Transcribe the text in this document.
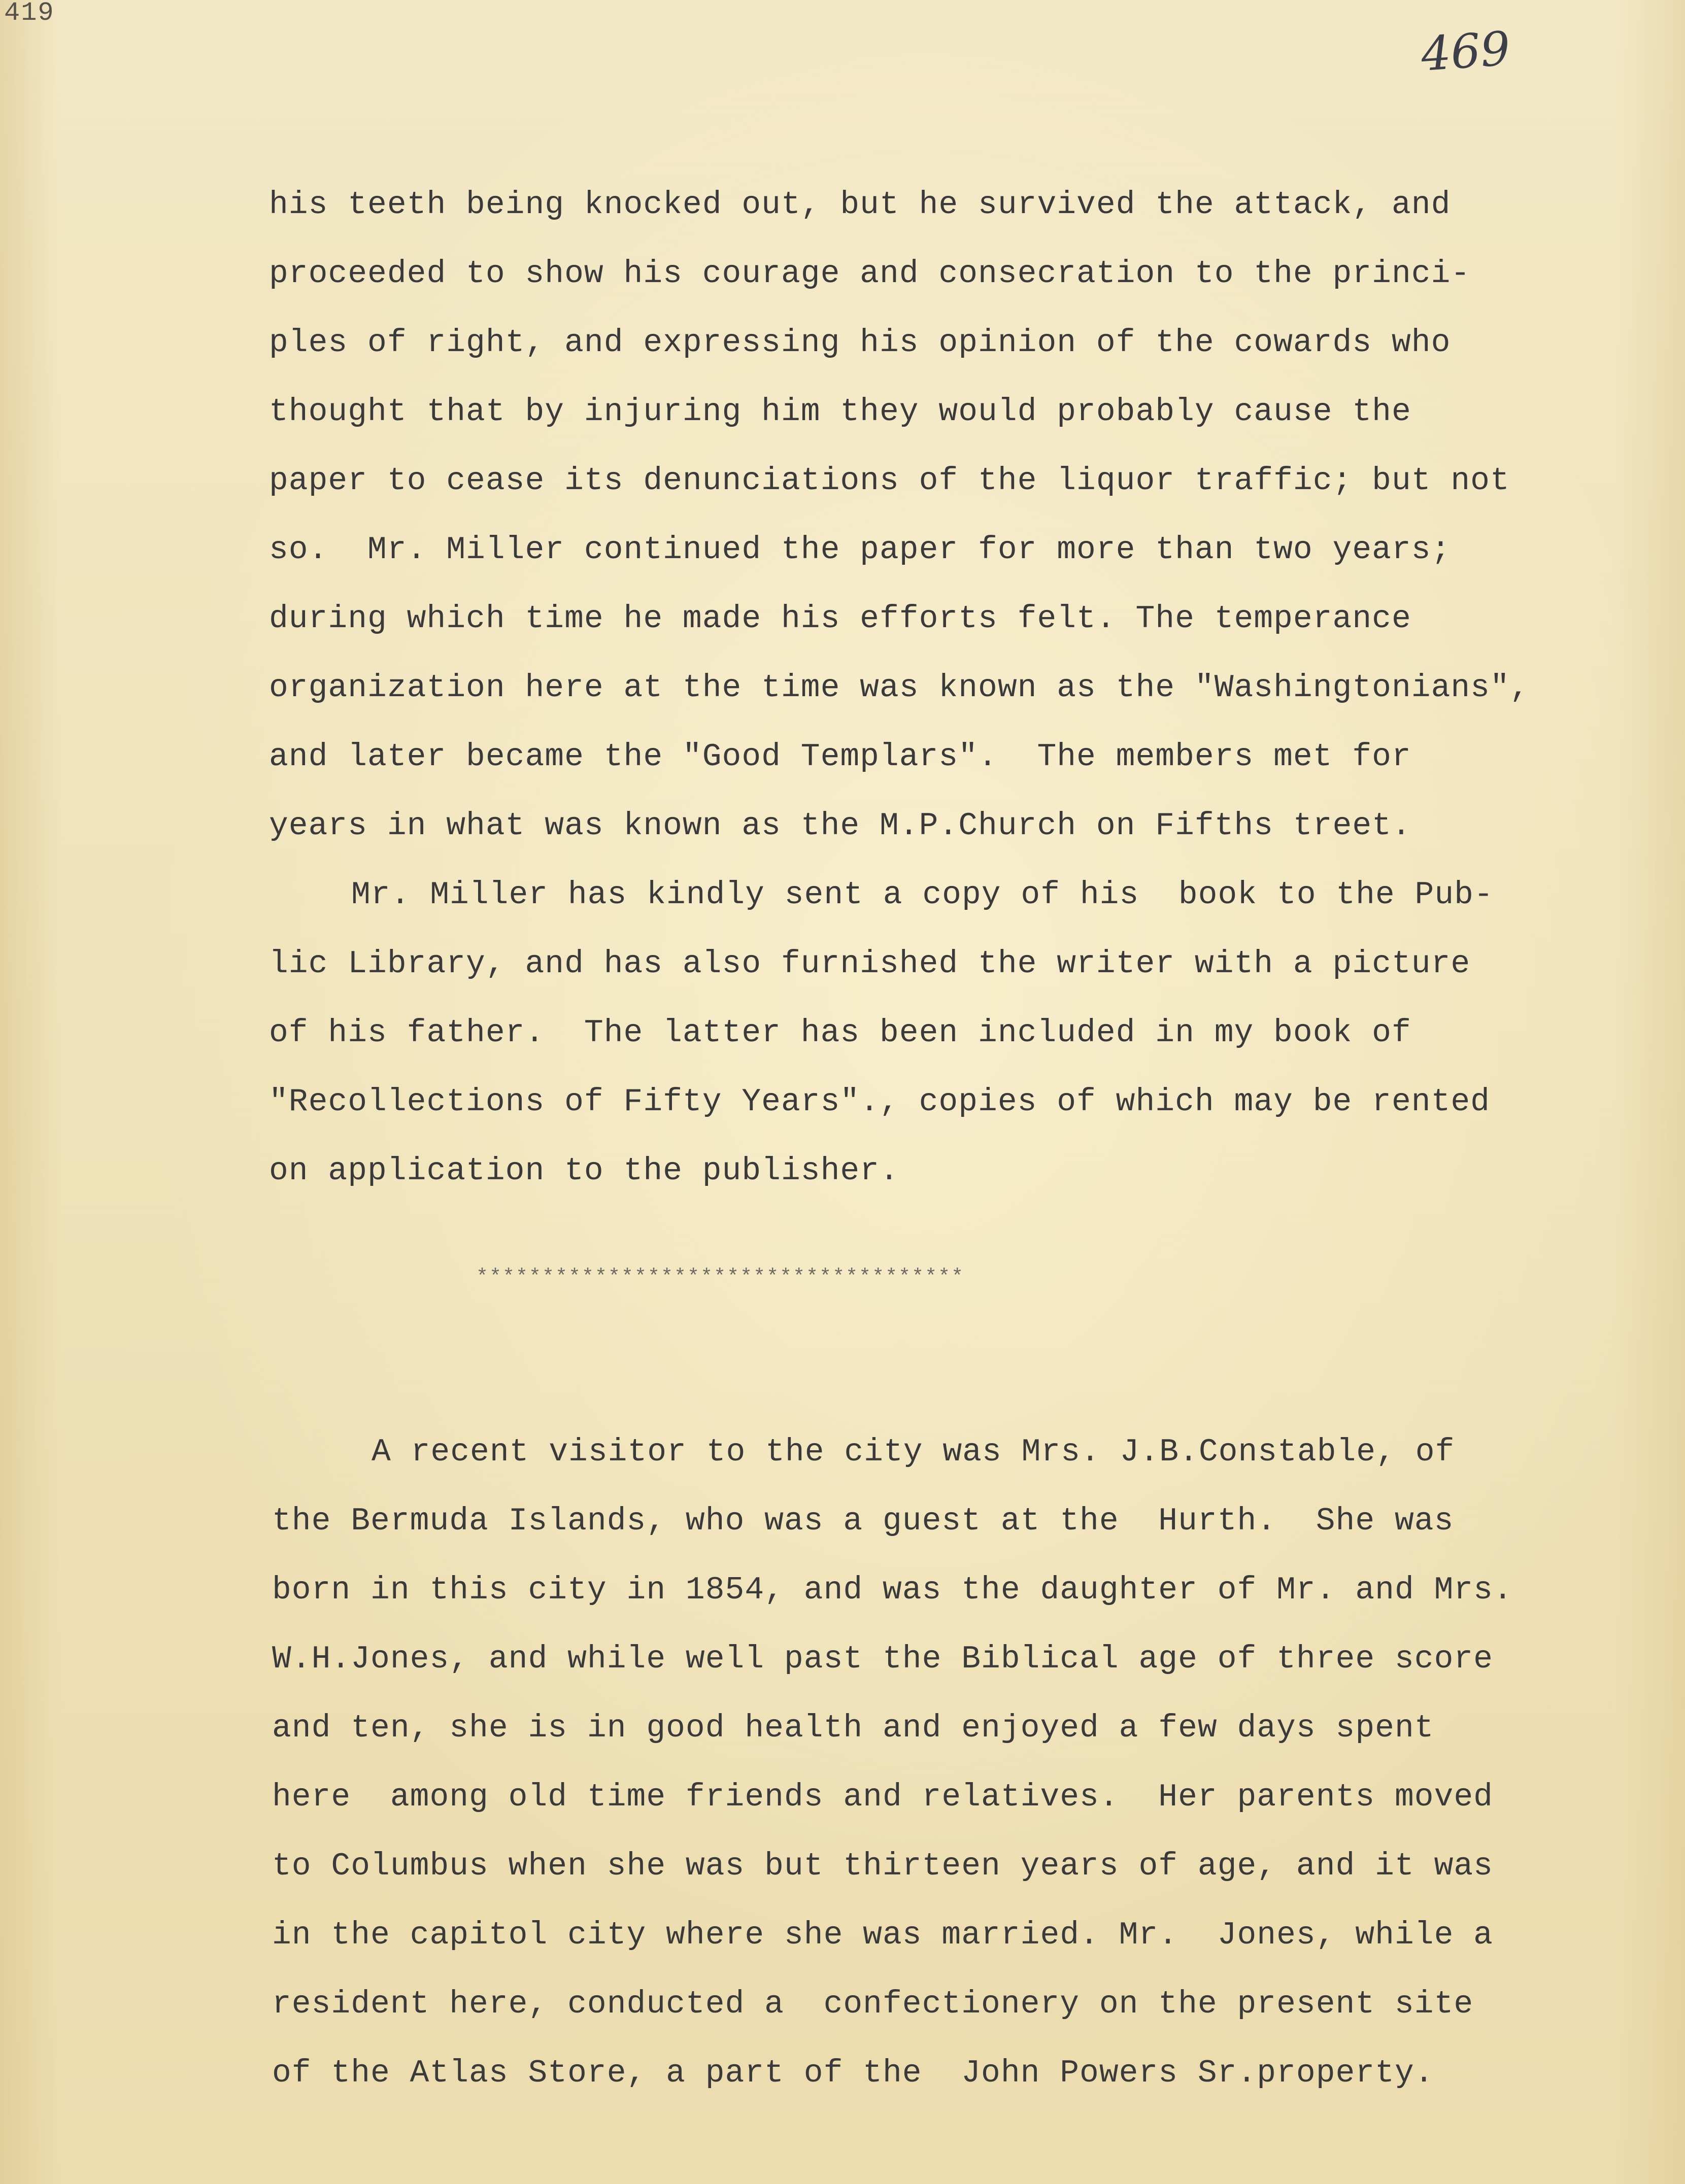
419
469
his teeth being knocked out, but he survived the attack, and
proceeded to show his courage and consecration to the princi-
ples of right, and expressing his opinion of the cowards who
thought that by injuring him they would probably cause the
paper to cease its denunciations of the liquor traffic; but not
so.  Mr. Miller continued the paper for more than two years;
during which time he made his efforts felt. The temperance
organization here at the time was known as the "Washingtonians",
and later became the "Good Templars".  The members met for
years in what was known as the M.P.Church on Fifths treet.
Mr. Miller has kindly sent a copy of his  book to the Pub-
lic Library, and has also furnished the writer with a picture
of his father.  The latter has been included in my book of
"Recollections of Fifty Years"., copies of which may be rented
on application to the publisher.
*************************************
A recent visitor to the city was Mrs. J.B.Constable, of
the Bermuda Islands, who was a guest at the  Hurth.  She was
born in this city in 1854, and was the daughter of Mr. and Mrs.
W.H.Jones, and while well past the Biblical age of three score
and ten, she is in good health and enjoyed a few days spent
here  among old time friends and relatives.  Her parents moved
to Columbus when she was but thirteen years of age, and it was
in the capitol city where she was married. Mr.  Jones, while a
resident here, conducted a  confectionery on the present site
of the Atlas Store, a part of the  John Powers Sr.property.
